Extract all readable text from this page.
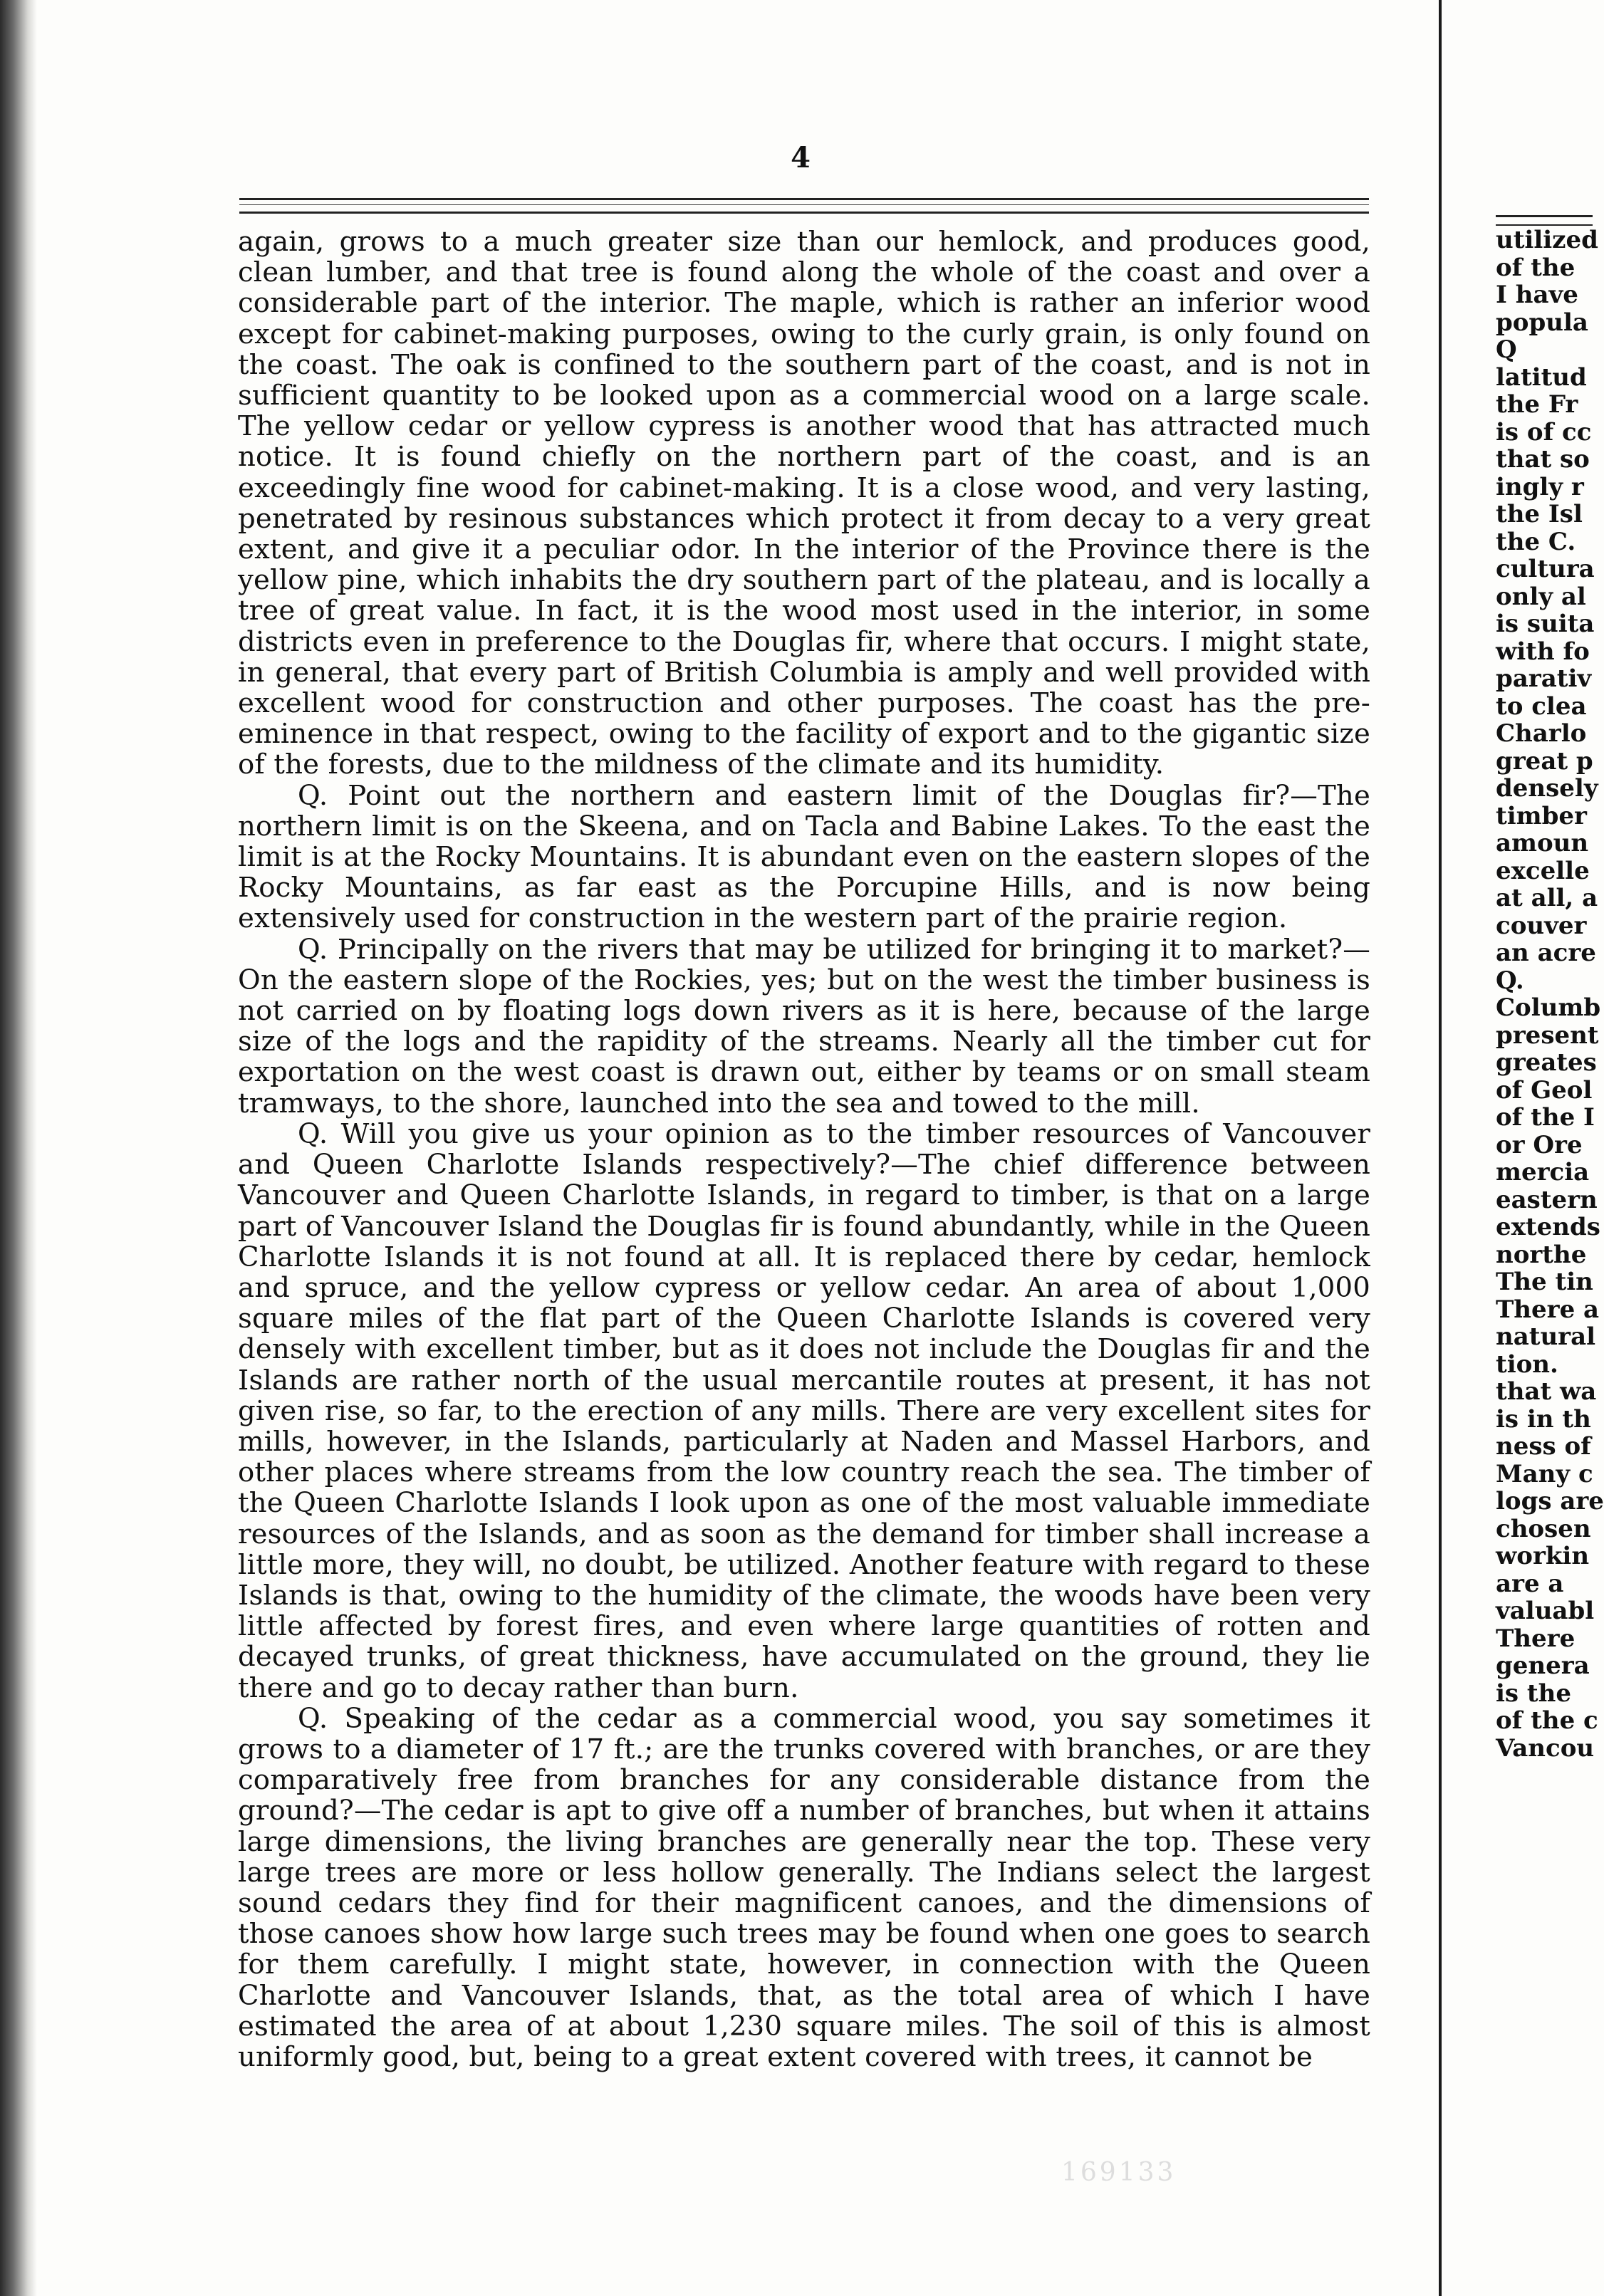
4

again, grows to a much greater size than our hemlock, and produces good, clean lumber, and that tree is found along the whole of the coast and over a considerable part of the interior. The maple, which is rather an inferior wood except for cabinet-making purposes, owing to the curly grain, is only found on the coast. The oak is confined to the southern part of the coast, and is not in sufficient quantity to be looked upon as a commercial wood on a large scale. The yellow cedar or yellow cypress is another wood that has attracted much notice. It is found chiefly on the northern part of the coast, and is an exceedingly fine wood for cabinet-making. It is a close wood, and very lasting, penetrated by resinous substances which protect it from decay to a very great extent, and give it a peculiar odor. In the interior of the Province there is the yellow pine, which inhabits the dry southern part of the plateau, and is locally a tree of great value. In fact, it is the wood most used in the interior, in some districts even in preference to the Douglas fir, where that occurs. I might state, in general, that every part of British Columbia is amply and well provided with excellent wood for construction and other purposes. The coast has the pre-eminence in that respect, owing to the facility of export and to the gigantic size of the forests, due to the mildness of the climate and its humidity.

Q. Point out the northern and eastern limit of the Douglas fir?—The northern limit is on the Skeena, and on Tacla and Babine Lakes. To the east the limit is at the Rocky Mountains. It is abundant even on the eastern slopes of the Rocky Mountains, as far east as the Porcupine Hills, and is now being extensively used for construction in the western part of the prairie region.

Q. Principally on the rivers that may be utilized for bringing it to market?—On the eastern slope of the Rockies, yes; but on the west the timber business is not carried on by floating logs down rivers as it is here, because of the large size of the logs and the rapidity of the streams. Nearly all the timber cut for exportation on the west coast is drawn out, either by teams or on small steam tramways, to the shore, launched into the sea and towed to the mill.

Q. Will you give us your opinion as to the timber resources of Vancouver and Queen Charlotte Islands respectively?—The chief difference between Vancouver and Queen Charlotte Islands, in regard to timber, is that on a large part of Vancouver Island the Douglas fir is found abundantly, while in the Queen Charlotte Islands it is not found at all. It is replaced there by cedar, hemlock and spruce, and the yellow cypress or yellow cedar. An area of about 1,000 square miles of the flat part of the Queen Charlotte Islands is covered very densely with excellent timber, but as it does not include the Douglas fir and the Islands are rather north of the usual mercantile routes at present, it has not given rise, so far, to the erection of any mills. There are very excellent sites for mills, however, in the Islands, particularly at Naden and Massel Harbors, and other places where streams from the low country reach the sea. The timber of the Queen Charlotte Islands I look upon as one of the most valuable immediate resources of the Islands, and as soon as the demand for timber shall increase a little more, they will, no doubt, be utilized. Another feature with regard to these Islands is that, owing to the humidity of the climate, the woods have been very little affected by forest fires, and even where large quantities of rotten and decayed trunks, of great thickness, have accumulated on the ground, they lie there and go to decay rather than burn.

Q. Speaking of the cedar as a commercial wood, you say sometimes it grows to a diameter of 17 ft.; are the trunks covered with branches, or are they comparatively free from branches for any considerable distance from the ground?—The cedar is apt to give off a number of branches, but when it attains large dimensions, the living branches are generally near the top. These very large trees are more or less hollow generally. The Indians select the largest sound cedars they find for their magnificent canoes, and the dimensions of those canoes show how large such trees may be found when one goes to search for them carefully. I might state, however, in connection with the Queen Charlotte and Vancouver Islands, that, as the total area of which I have estimated the area of at about 1,230 square miles. The soil of this is almost uniformly good, but, being to a great extent covered with trees, it cannot be

utilized
of the
I have
popula
Q
latitud
the Fr
is of cc
that so
ingly r
the Isl
the C.
cultura
only al
is suita
with fo
parativ
to clea
Charlo
great p
densely
timber
amoun
excelle
at all, a
couver
an acre
Q.
Columb
present
greates
of Geol
of the I
or Ore
mercia
eastern
extends
northe
The tin
There a
natural
tion.
that wa
is in th
ness of
Many c
logs are
chosen
workin
are a
valuabl
There
genera
is the
of the c
Vancou
169133
